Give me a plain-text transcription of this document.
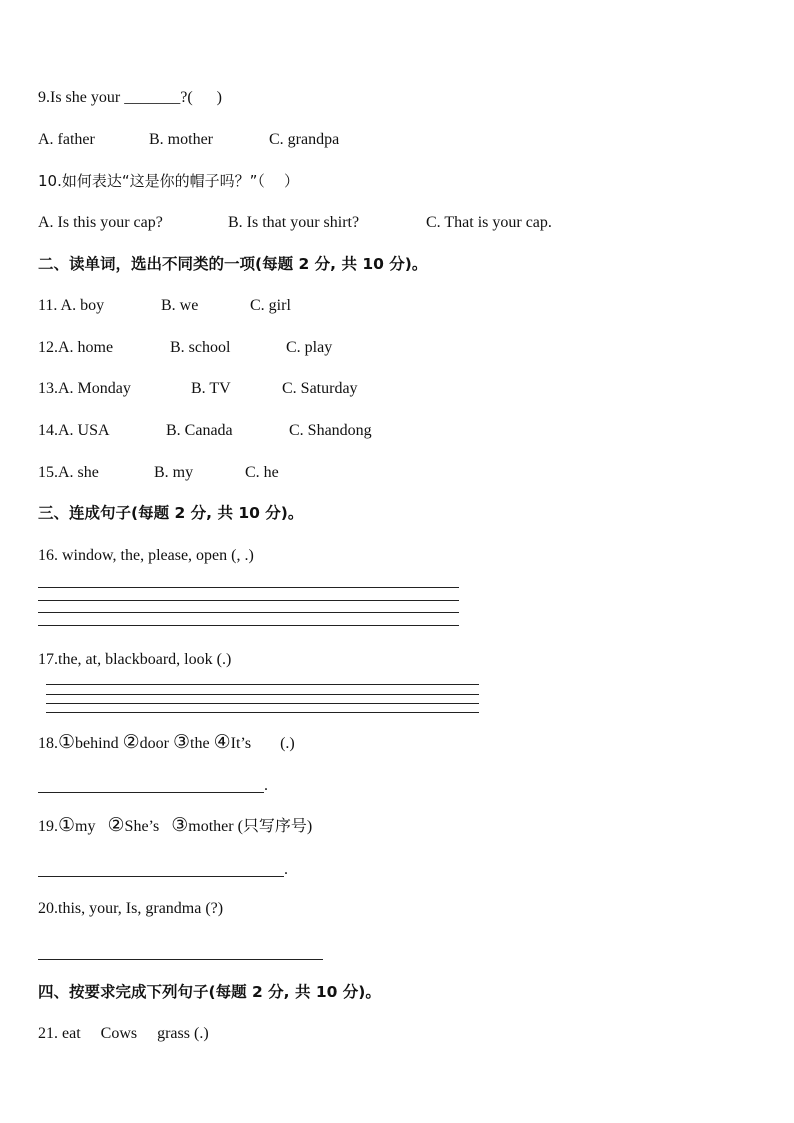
9.Is she your _______?(      )
A. father	B. mother	C. grandpa
10.如何表达“这是你的帽子吗？”（    ）
A. Is this your cap?	B. Is that your shirt?	C. That is your cap.
二、读单词，选出不同类的一项(每题 2 分, 共 10 分)。
11. A. boy	B. we	C. girl
12.A. home	B. school	C. play
13.A. Monday	B. TV	C. Saturday
14.A. USA	B. Canada	C. Shandong
15.A. she	B. my	C. he
三、连成句子(每题 2 分, 共 10 分)。
16. window, the, please, open (, .)
17.the, at, blackboard, look (.)
18.①behind ②door ③the ④It’s (.)
.
19.①my   ②She’s   ③mother (只写序号)
.
20.this, your, Is, grandma (?)
四、按要求完成下列句子(每题 2 分, 共 10 分)。
21. eat     Cows     grass (.)
